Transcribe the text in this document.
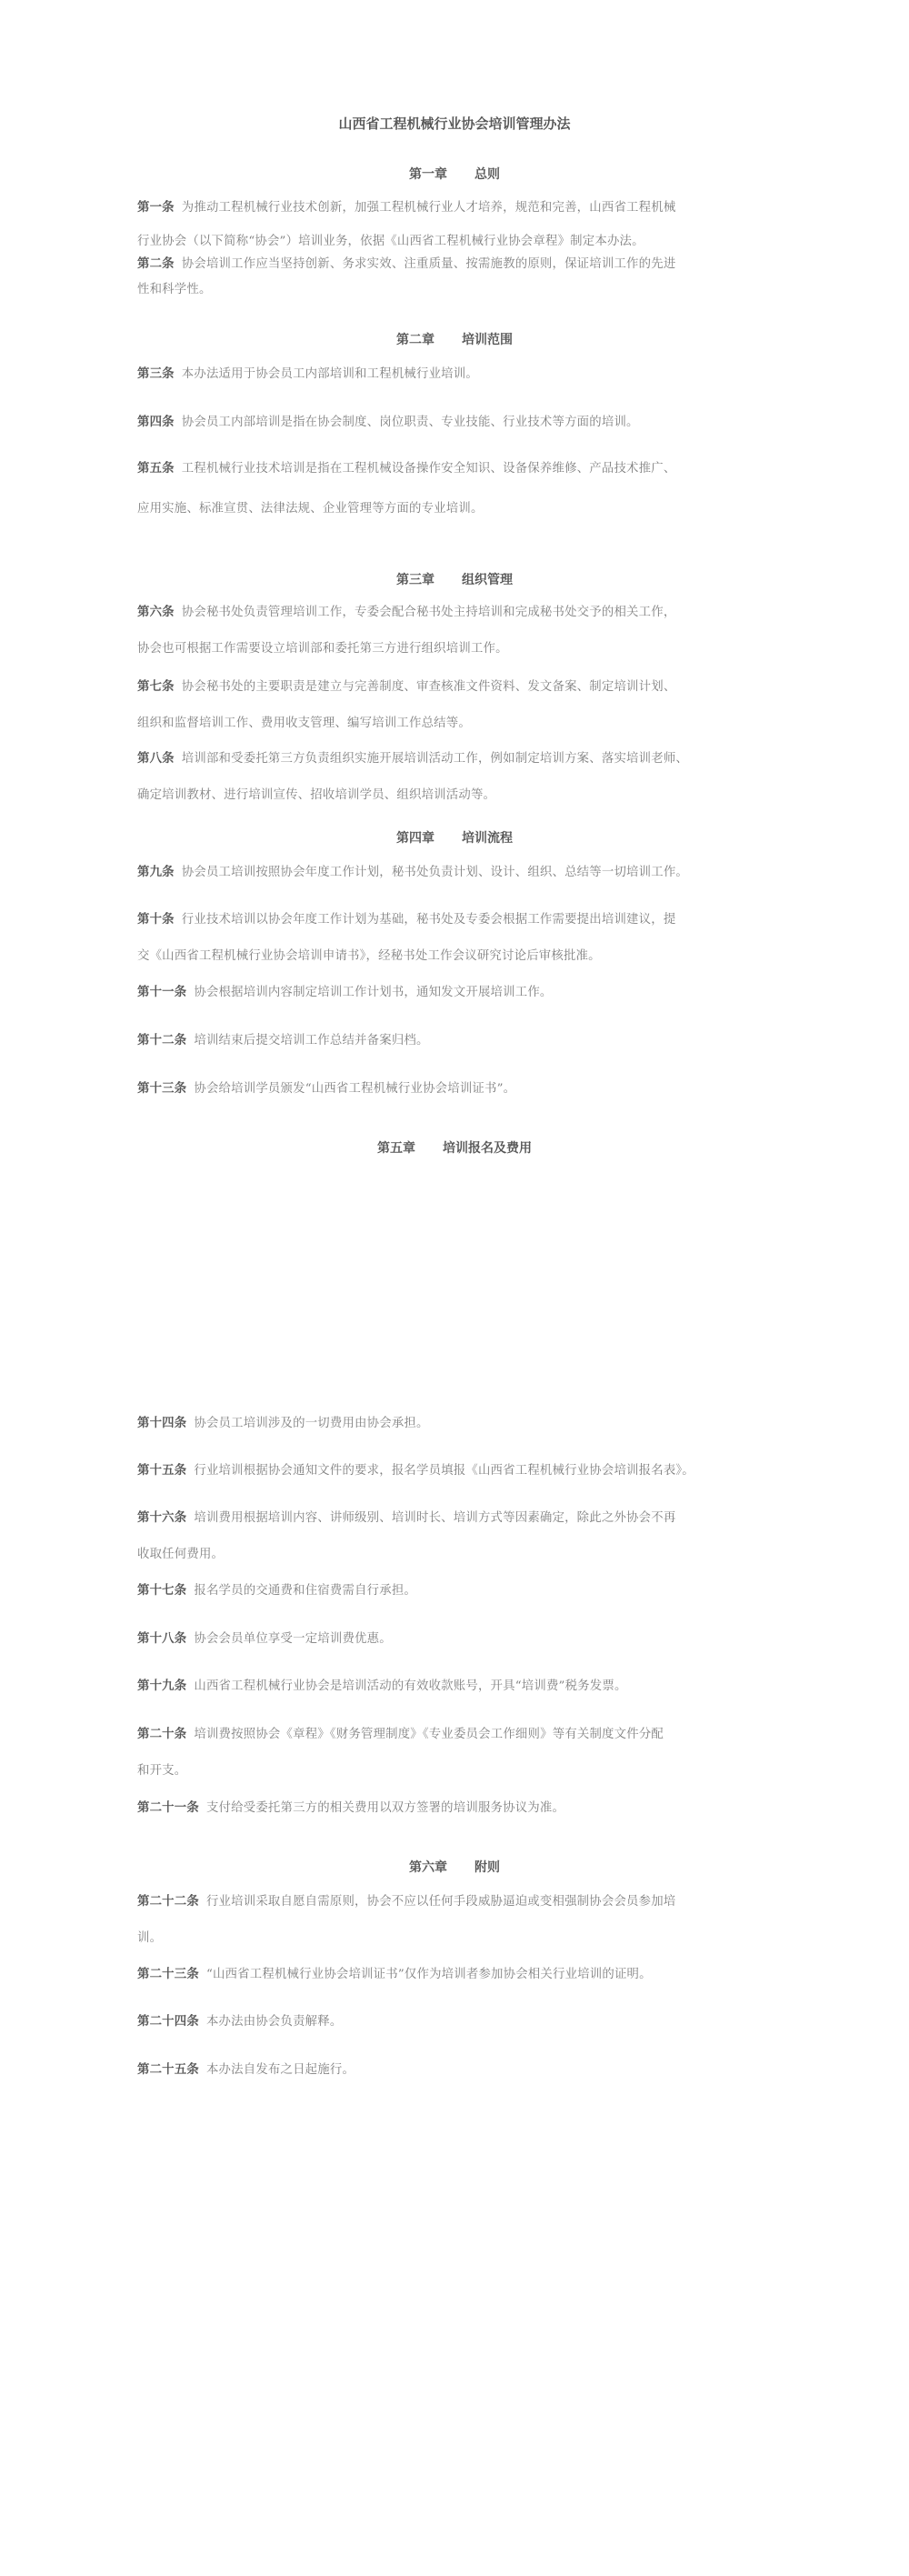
山西省工程机械行业协会培训管理办法
第一章 总则
第一条 为推动工程机械行业技术创新，加强工程机械行业人才培养，规范和完善，山西省工程机械
行业协会（以下简称“协会”）培训业务，依据《山西省工程机械行业协会章程》制定本办法。
第二条 协会培训工作应当坚持创新、务求实效、注重质量、按需施教的原则，保证培训工作的先进
性和科学性。
第二章 培训范围
第三条 本办法适用于协会员工内部培训和工程机械行业培训。
第四条 协会员工内部培训是指在协会制度、岗位职责、专业技能、行业技术等方面的培训。
第五条 工程机械行业技术培训是指在工程机械设备操作安全知识、设备保养维修、产品技术推广、
应用实施、标准宣贯、法律法规、企业管理等方面的专业培训。
第三章 组织管理
第六条 协会秘书处负责管理培训工作，专委会配合秘书处主持培训和完成秘书处交予的相关工作，
协会也可根据工作需要设立培训部和委托第三方进行组织培训工作。
第七条 协会秘书处的主要职责是建立与完善制度、审查核准文件资料、发文备案、制定培训计划、
组织和监督培训工作、费用收支管理、编写培训工作总结等。
第八条 培训部和受委托第三方负责组织实施开展培训活动工作，例如制定培训方案、落实培训老师、
确定培训教材、进行培训宣传、招收培训学员、组织培训活动等。
第四章 培训流程
第九条 协会员工培训按照协会年度工作计划，秘书处负责计划、设计、组织、总结等一切培训工作。
第十条 行业技术培训以协会年度工作计划为基础，秘书处及专委会根据工作需要提出培训建议，提
交《山西省工程机械行业协会培训申请书》，经秘书处工作会议研究讨论后审核批准。
第十一条 协会根据培训内容制定培训工作计划书，通知发文开展培训工作。
第十二条 培训结束后提交培训工作总结并备案归档。
第十三条 协会给培训学员颁发“山西省工程机械行业协会培训证书”。
第五章 培训报名及费用
第十四条 协会员工培训涉及的一切费用由协会承担。
第十五条 行业培训根据协会通知文件的要求，报名学员填报《山西省工程机械行业协会培训报名表》。
第十六条 培训费用根据培训内容、讲师级别、培训时长、培训方式等因素确定，除此之外协会不再
收取任何费用。
第十七条 报名学员的交通费和住宿费需自行承担。
第十八条 协会会员单位享受一定培训费优惠。
第十九条 山西省工程机械行业协会是培训活动的有效收款账号，开具“培训费”税务发票。
第二十条 培训费按照协会《章程》《财务管理制度》《专业委员会工作细则》等有关制度文件分配
和开支。
第二十一条 支付给受委托第三方的相关费用以双方签署的培训服务协议为准。
第六章 附则
第二十二条 行业培训采取自愿自需原则，协会不应以任何手段威胁逼迫或变相强制协会会员参加培
训。
第二十三条 “山西省工程机械行业协会培训证书”仅作为培训者参加协会相关行业培训的证明。
第二十四条 本办法由协会负责解释。
第二十五条 本办法自发布之日起施行。
